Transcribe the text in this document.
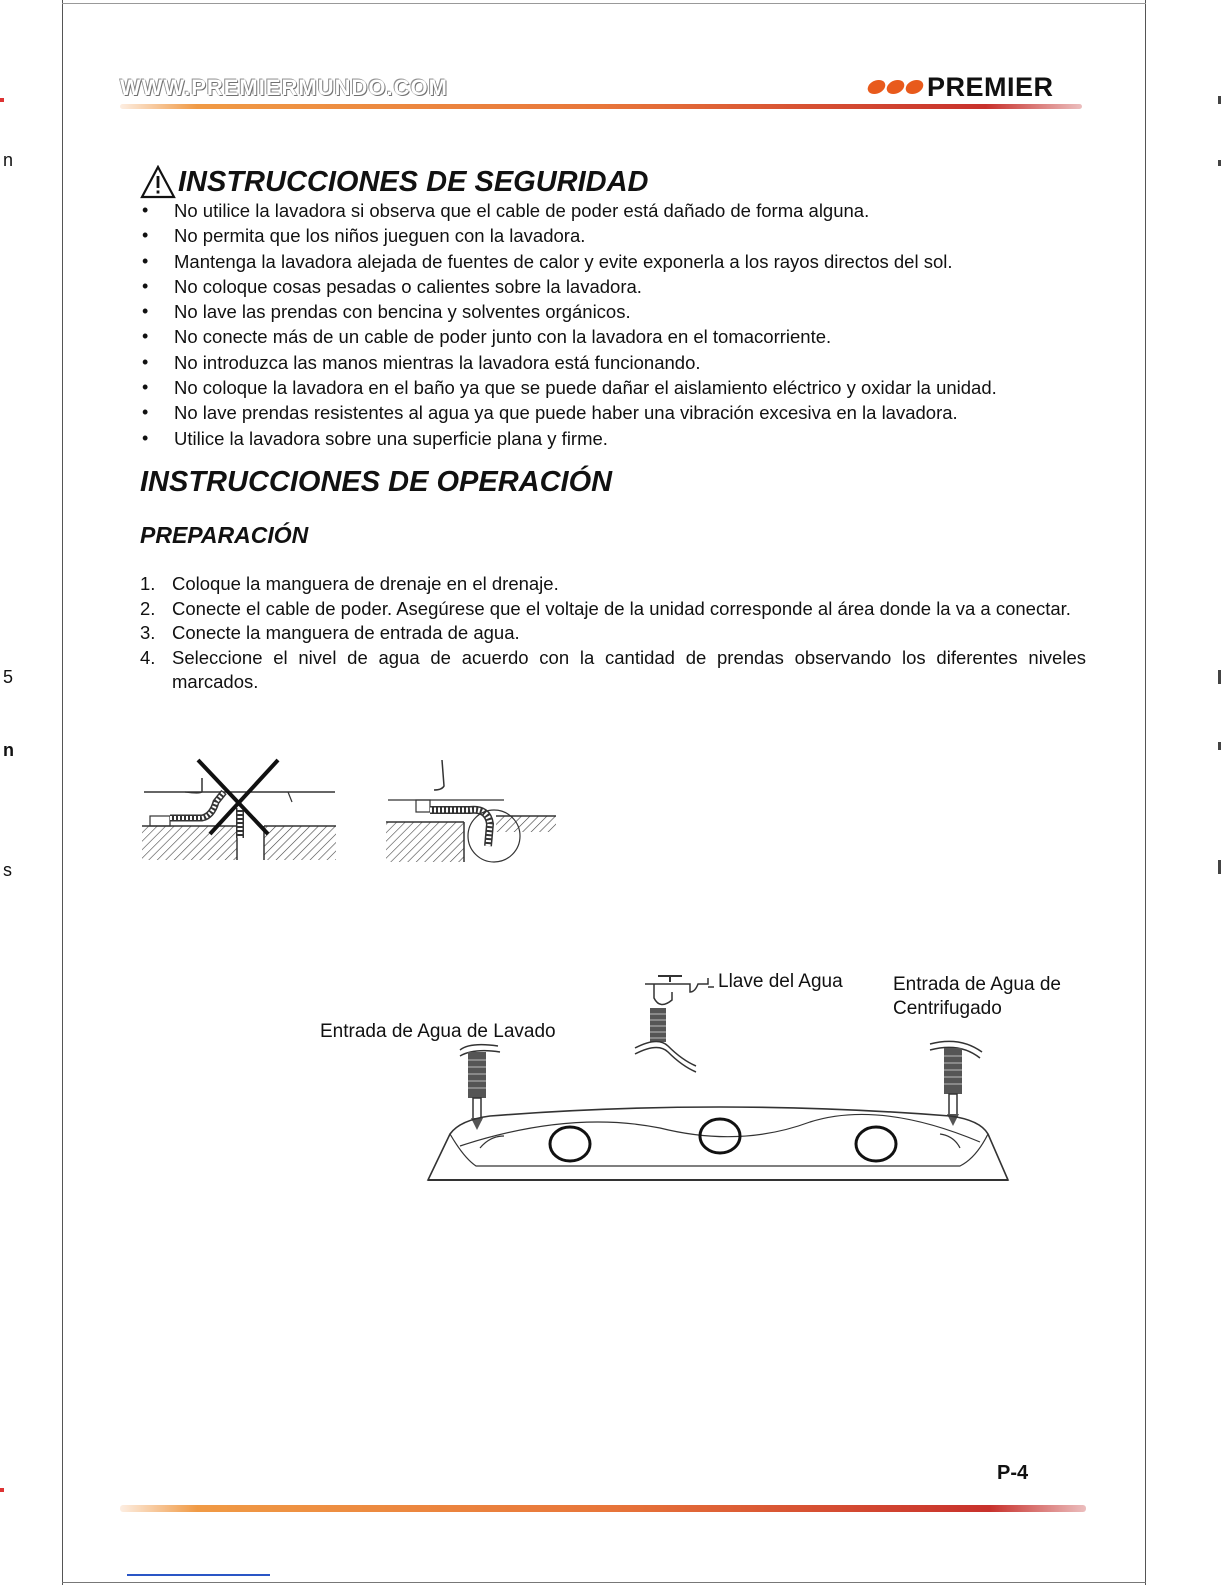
n
5
n
s
WWW.PREMIERMUNDO.COM	PREMIER
INSTRUCCIONES DE SEGURIDAD
• No utilice la lavadora si observa que el cable de poder está dañado de forma alguna.
• No permita que los niños jueguen con la lavadora.
• Mantenga la lavadora alejada de fuentes de calor y evite exponerla a los rayos directos del sol.
• No coloque cosas pesadas o calientes sobre la lavadora.
• No lave las prendas con bencina y solventes orgánicos.
• No conecte más de un cable de poder junto con la lavadora en el tomacorriente.
• No introduzca las manos mientras la lavadora está funcionando.
• No coloque la lavadora en el baño ya que se puede dañar el aislamiento eléctrico y oxidar la unidad.
• No lave prendas resistentes al agua ya que puede haber una vibración excesiva en la lavadora.
• Utilice la lavadora sobre una superficie plana y firme.
INSTRUCCIONES DE OPERACIÓN
PREPARACIÓN
1. Coloque la manguera de drenaje en el drenaje.
2. Conecte el cable de poder. Asegúrese que el voltaje de la unidad corresponde al área donde la va a conectar.
3. Conecte la manguera de entrada de agua.
4. Seleccione el nivel de agua de acuerdo con la cantidad de prendas observando los diferentes niveles marcados.
Llave del Agua
Entrada de Agua de Lavado
Entrada de Agua de Centrifugado
P-4
